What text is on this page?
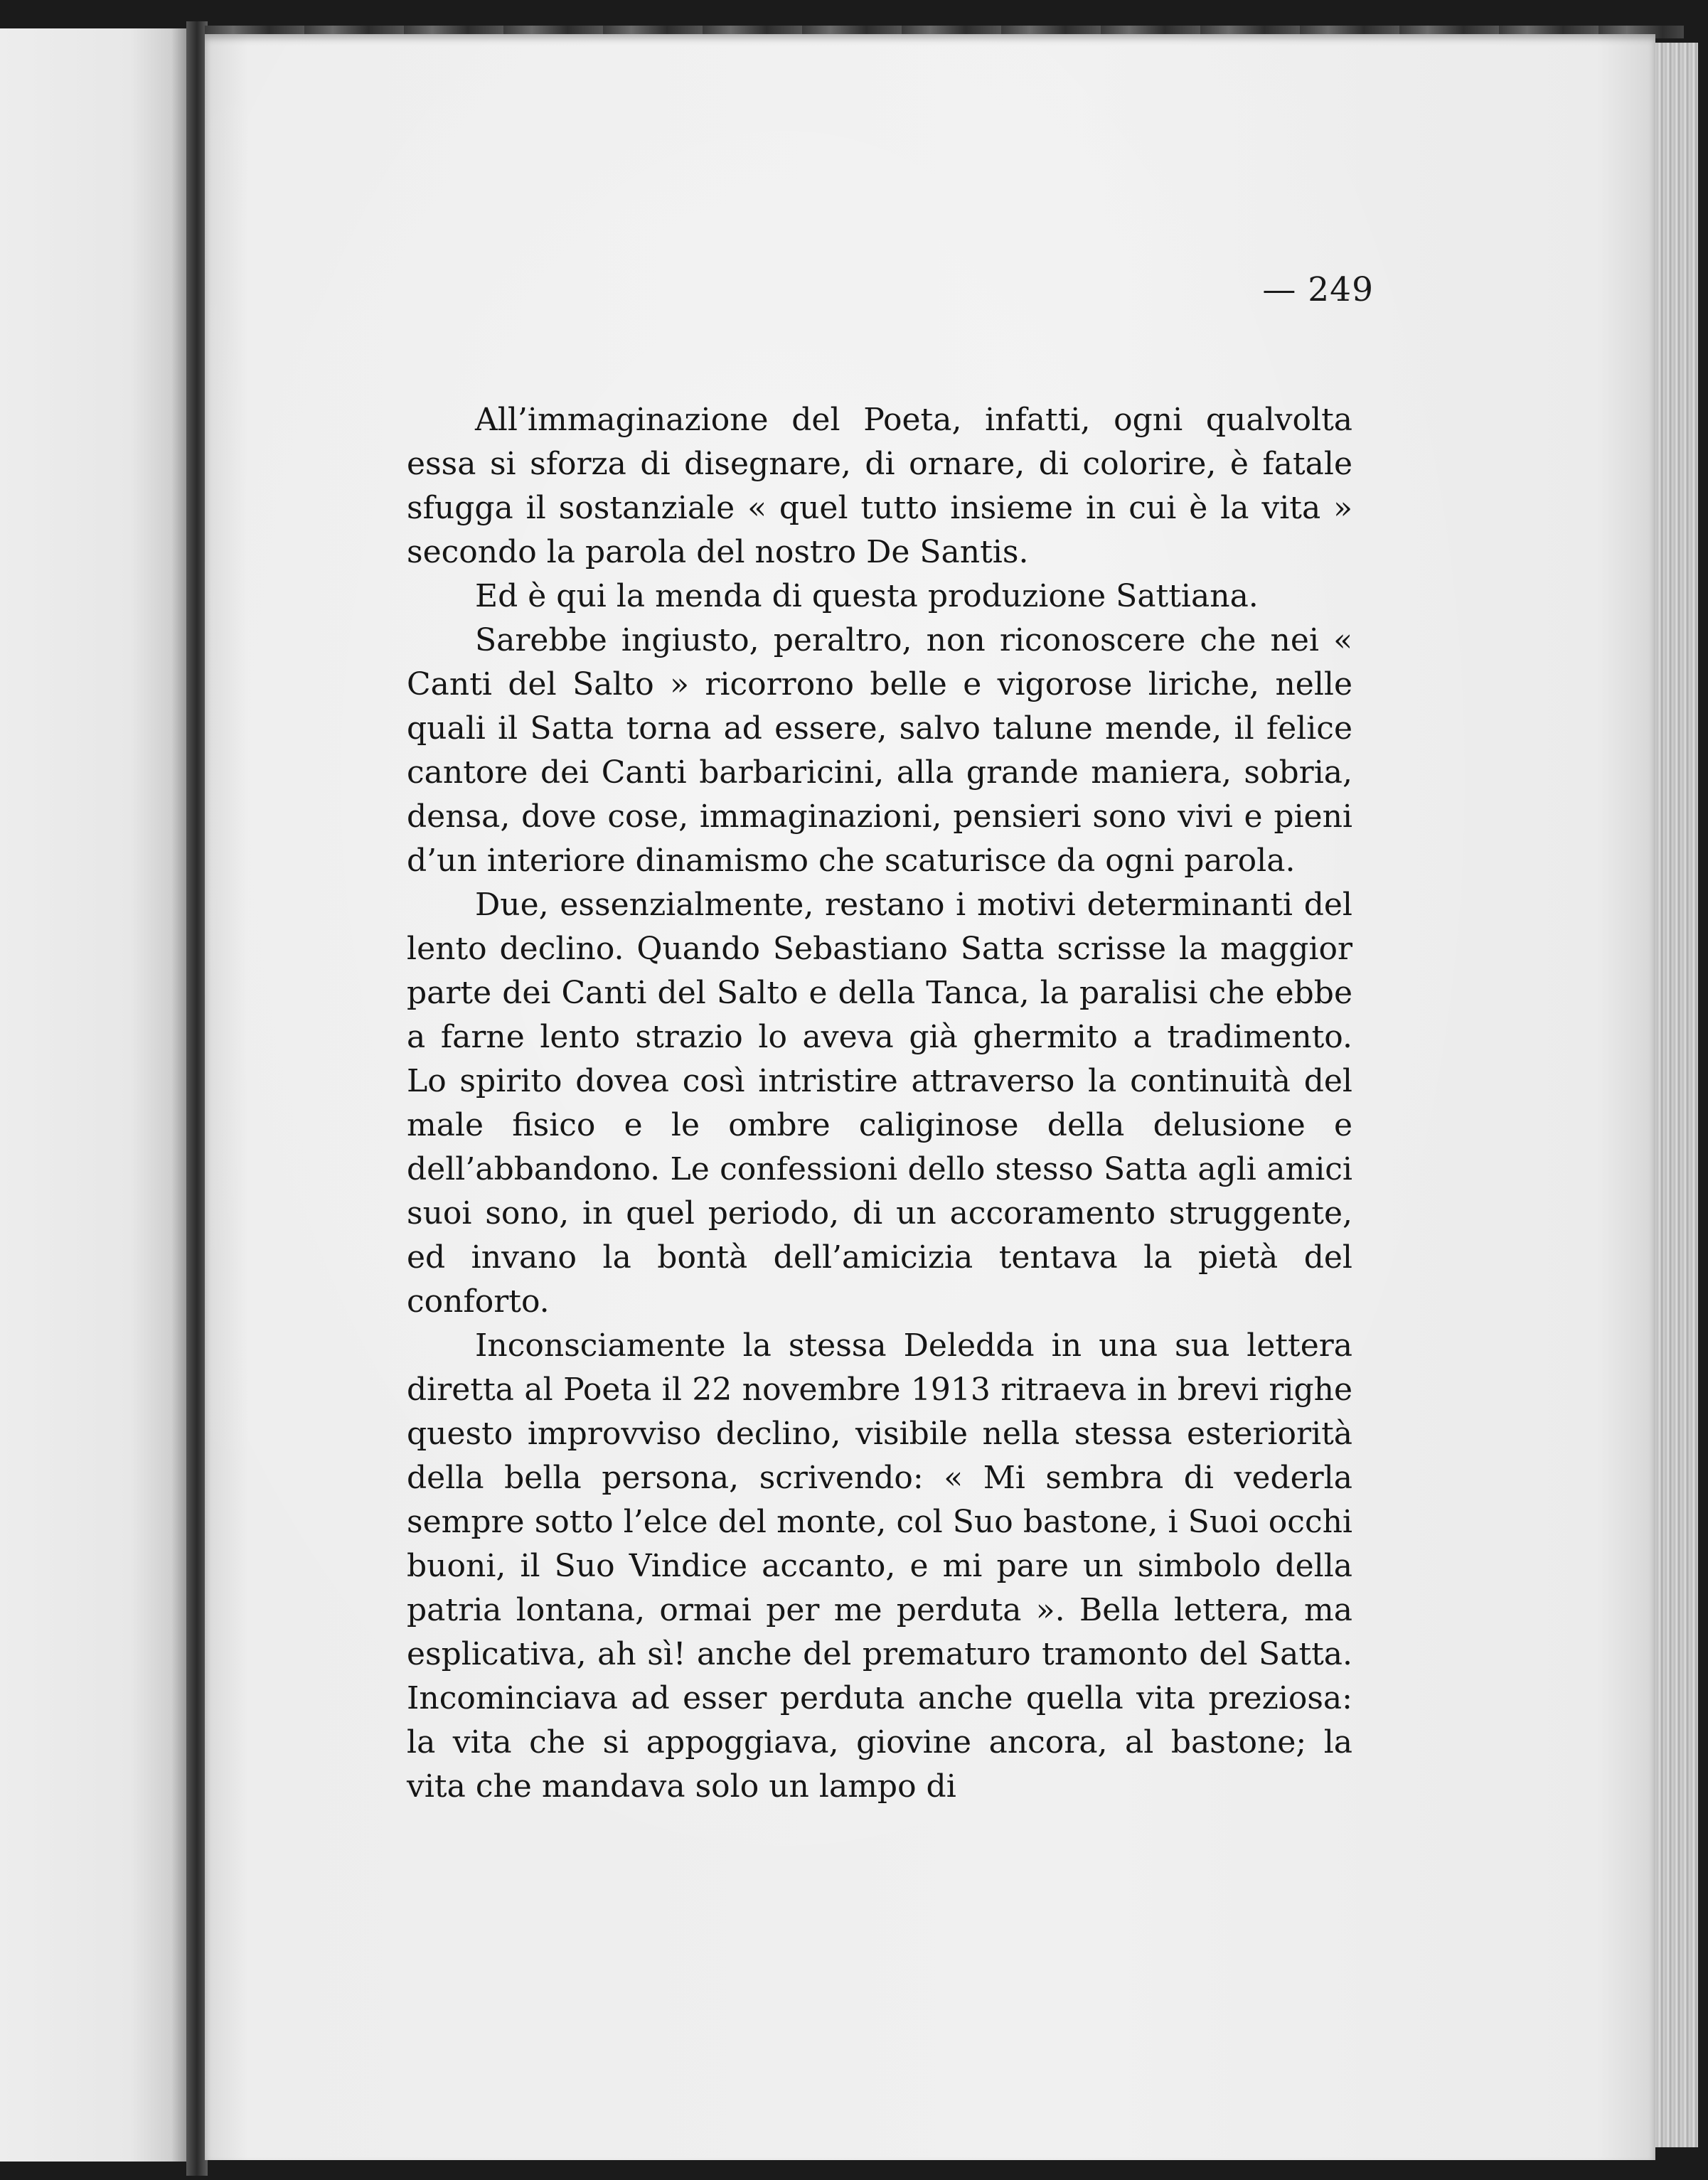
— 249

All’immaginazione del Poeta, infatti, ogni qualvolta essa si sforza di disegnare, di ornare, di colorire, è fatale sfugga il sostanziale « quel tutto insieme in cui è la vita » secondo la parola del nostro De Santis.

Ed è qui la menda di questa produzione Sattiana.

Sarebbe ingiusto, peraltro, non riconoscere che nei « Canti del Salto » ricorrono belle e vigorose liriche, nelle quali il Satta torna ad essere, salvo talune mende, il felice cantore dei Canti barbaricini, alla grande maniera, sobria, densa, dove cose, immaginazioni, pensieri sono vivi e pieni d’un interiore dinamismo che scaturisce da ogni parola.

Due, essenzialmente, restano i motivi determinanti del lento declino. Quando Sebastiano Satta scrisse la maggior parte dei Canti del Salto e della Tanca, la paralisi che ebbe a farne lento strazio lo aveva già ghermito a tradimento. Lo spirito dovea così intristire attraverso la continuità del male fisico e le ombre caliginose della delusione e dell’abbandono. Le confessioni dello stesso Satta agli amici suoi sono, in quel periodo, di un accoramento struggente, ed invano la bontà dell’amicizia tentava la pietà del conforto.

Inconsciamente la stessa Deledda in una sua lettera diretta al Poeta il 22 novembre 1913 ritraeva in brevi righe questo improvviso declino, visibile nella stessa esteriorità della bella persona, scrivendo: « Mi sembra di vederla sempre sotto l’elce del monte, col Suo bastone, i Suoi occhi buoni, il Suo Vindice accanto, e mi pare un simbolo della patria lontana, ormai per me perduta ». Bella lettera, ma esplicativa, ah sì! anche del prematuro tramonto del Satta. Incominciava ad esser perduta anche quella vita preziosa: la vita che si appoggiava, giovine ancora, al bastone; la vita che mandava solo un lampo di
